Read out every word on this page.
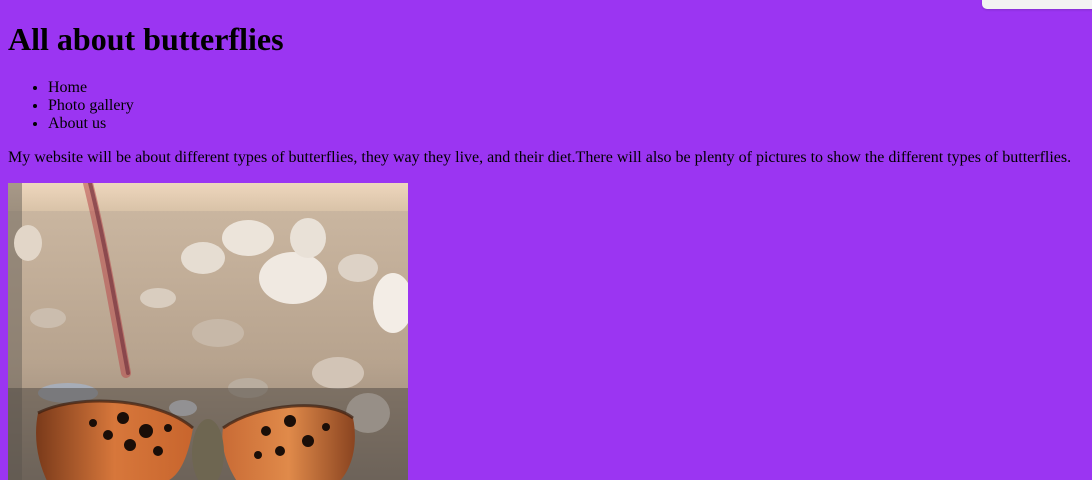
All about butterflies
• Home
• Photo gallery
• About us

My website will be about different types of butterflies, they way they live, and their diet.There will also be plenty of pictures to show the different types of butterflies.
